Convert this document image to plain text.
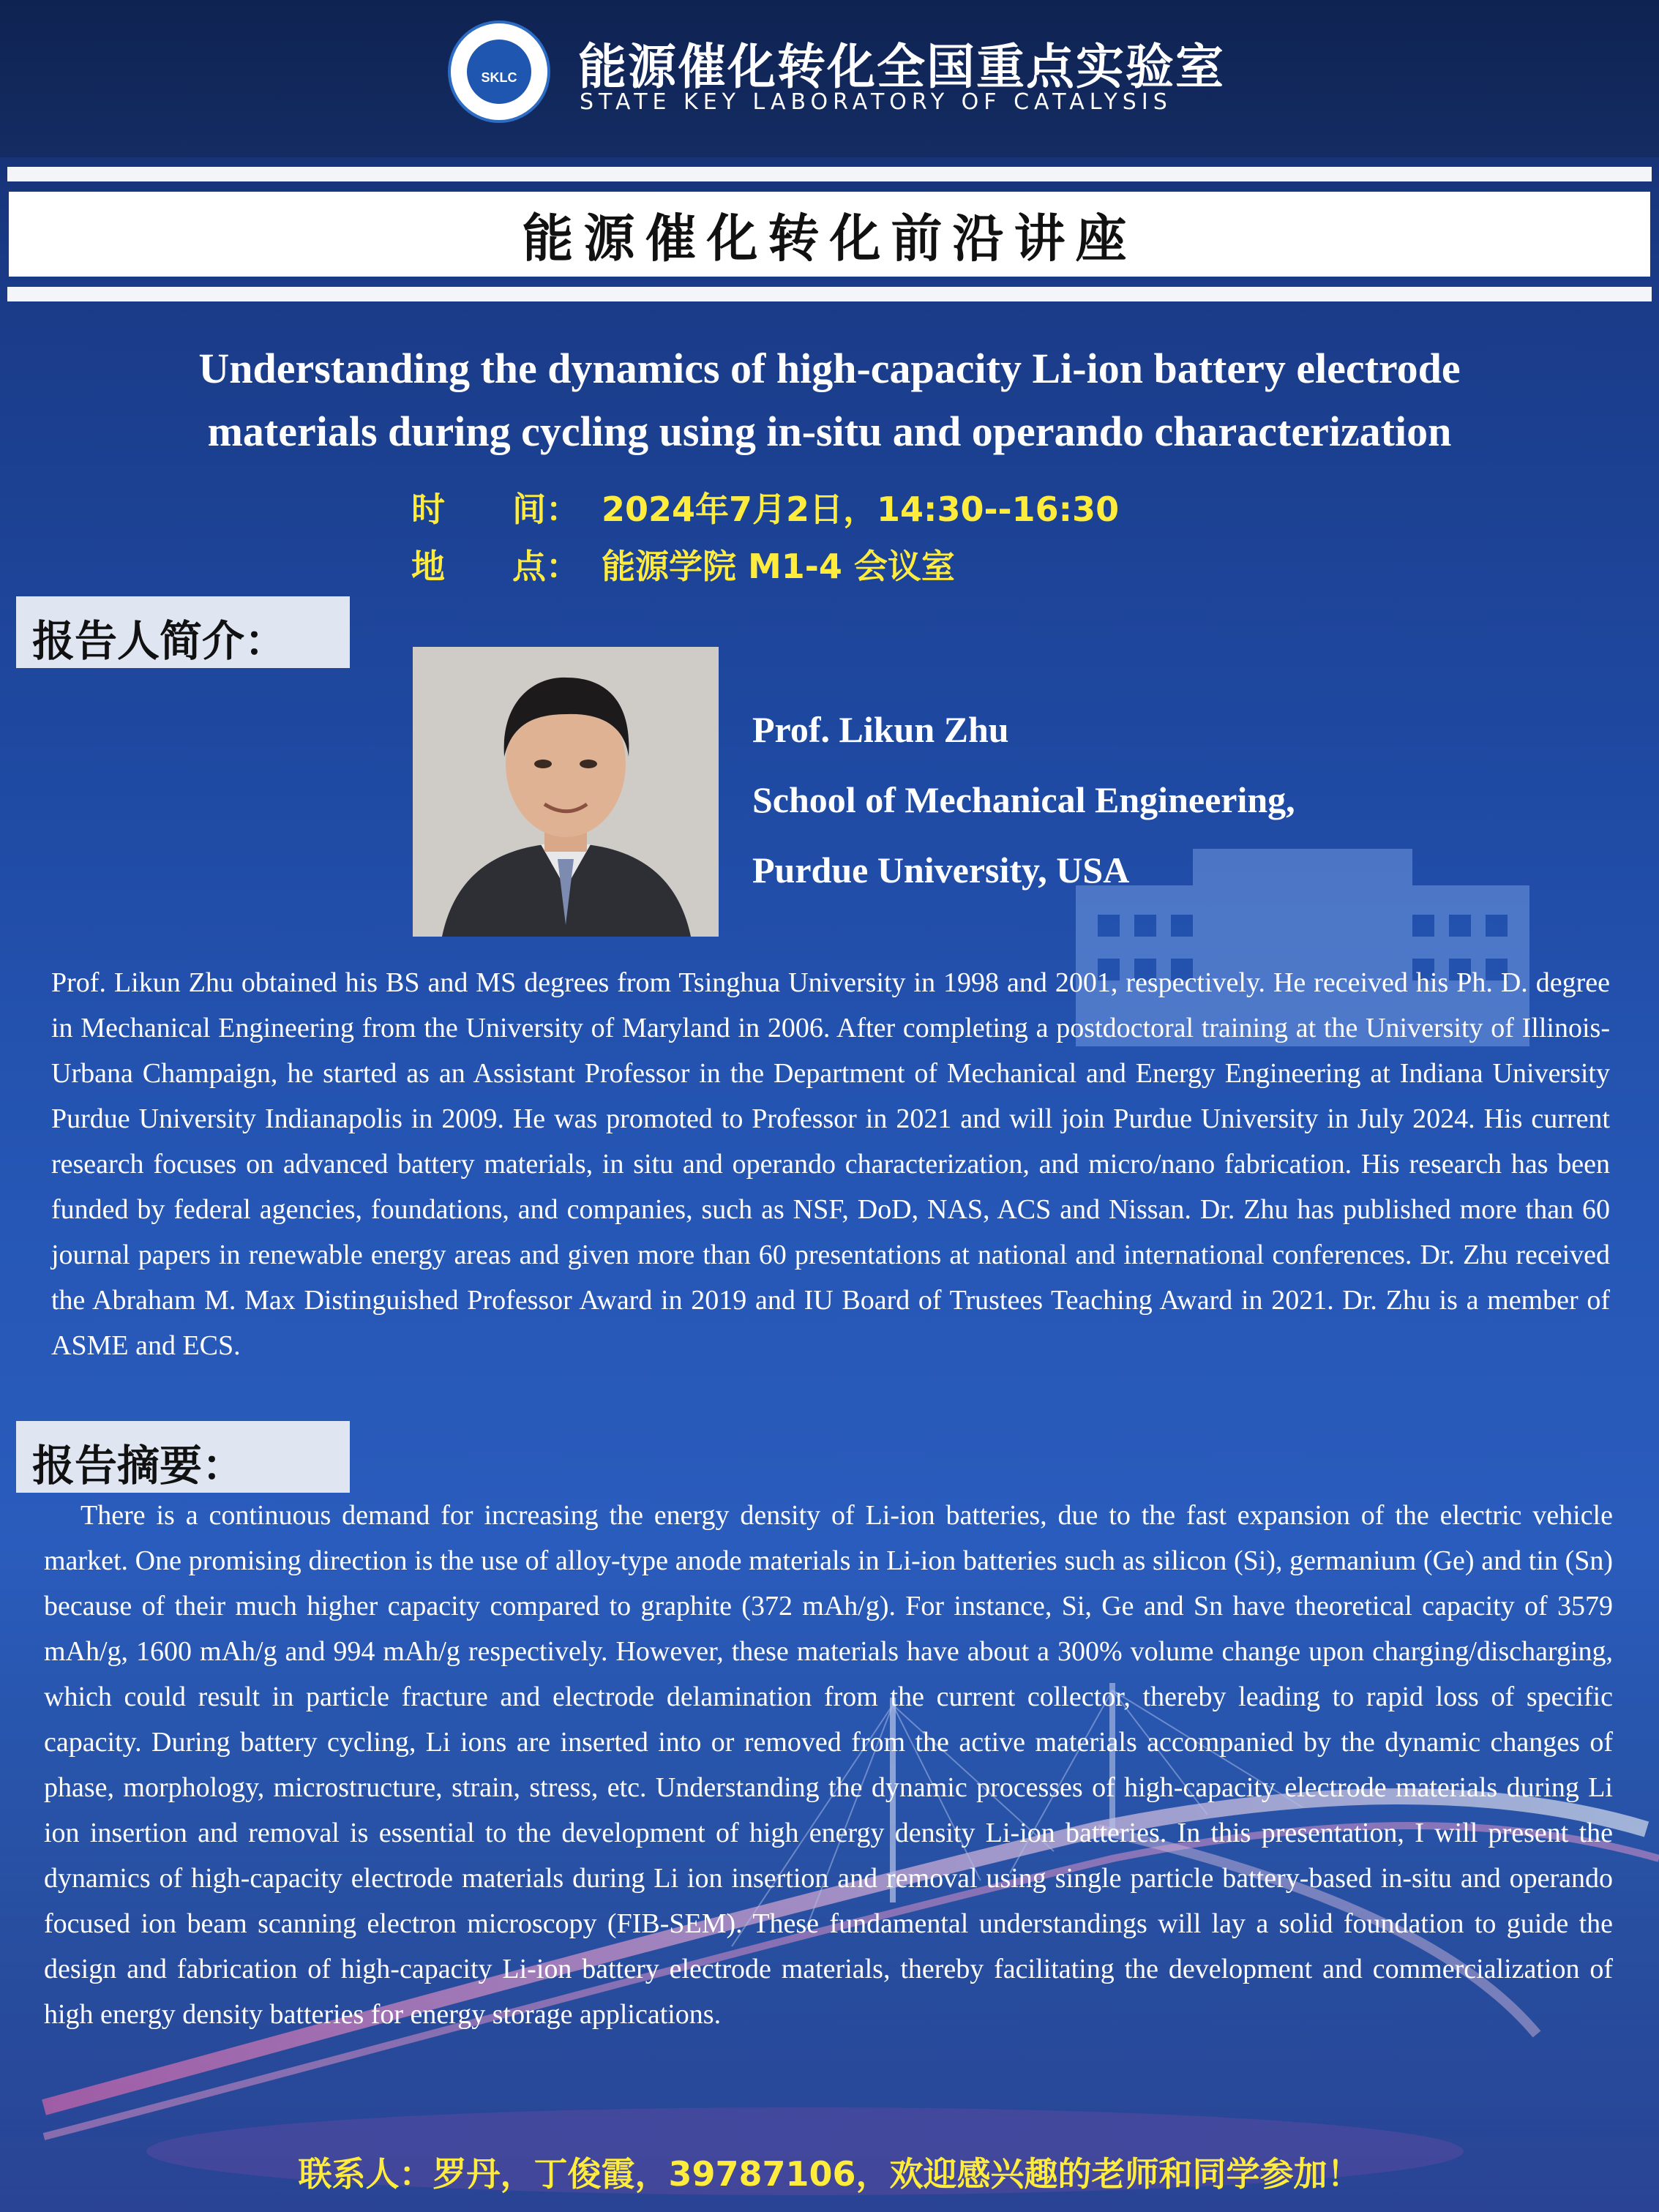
SKLC 能源催化转化全国重点实验室
STATE KEY LABORATORY OF CATALYSIS
能源催化转化前沿讲座
Understanding the dynamics of high-capacity Li-ion battery electrode
materials during cycling using in-situ and operando characterization
时　　间： 2024年7月2日，14:30--16:30
地　　点： 能源学院 M1-4 会议室
报告人简介：
Prof. Likun Zhu
School of Mechanical Engineering,
Purdue University, USA
Prof. Likun Zhu obtained his BS and MS degrees from Tsinghua University in 1998 and 2001, respectively. He received his Ph. D. degree in Mechanical Engineering from the University of Maryland in 2006. After completing a postdoctoral training at the University of Illinois-Urbana Champaign, he started as an Assistant Professor in the Department of Mechanical and Energy Engineering at Indiana University Purdue University Indianapolis in 2009. He was promoted to Professor in 2021 and will join Purdue University in July 2024. His current research focuses on advanced battery materials, in situ and operando characterization, and micro/nano fabrication. His research has been funded by federal agencies, foundations, and companies, such as NSF, DoD, NAS, ACS and Nissan. Dr. Zhu has published more than 60 journal papers in renewable energy areas and given more than 60 presentations at national and international conferences. Dr. Zhu received the Abraham M. Max Distinguished Professor Award in 2019 and IU Board of Trustees Teaching Award in 2021. Dr. Zhu is a member of ASME and ECS.
报告摘要：
There is a continuous demand for increasing the energy density of Li-ion batteries, due to the fast expansion of the electric vehicle market. One promising direction is the use of alloy-type anode materials in Li-ion batteries such as silicon (Si), germanium (Ge) and tin (Sn) because of their much higher capacity compared to graphite (372 mAh/g). For instance, Si, Ge and Sn have theoretical capacity of 3579 mAh/g, 1600 mAh/g and 994 mAh/g respectively. However, these materials have about a 300% volume change upon charging/discharging, which could result in particle fracture and electrode delamination from the current collector, thereby leading to rapid loss of specific capacity. During battery cycling, Li ions are inserted into or removed from the active materials accompanied by the dynamic changes of phase, morphology, microstructure, strain, stress, etc. Understanding the dynamic processes of high-capacity electrode materials during Li ion insertion and removal is essential to the development of high energy density Li-ion batteries. In this presentation, I will present the dynamics of high-capacity electrode materials during Li ion insertion and removal using single particle battery-based in-situ and operando focused ion beam scanning electron microscopy (FIB-SEM). These fundamental understandings will lay a solid foundation to guide the design and fabrication of high-capacity Li-ion battery electrode materials, thereby facilitating the development and commercialization of high energy density batteries for energy storage applications.
联系人：罗丹，丁俊霞，39787106，欢迎感兴趣的老师和同学参加！
